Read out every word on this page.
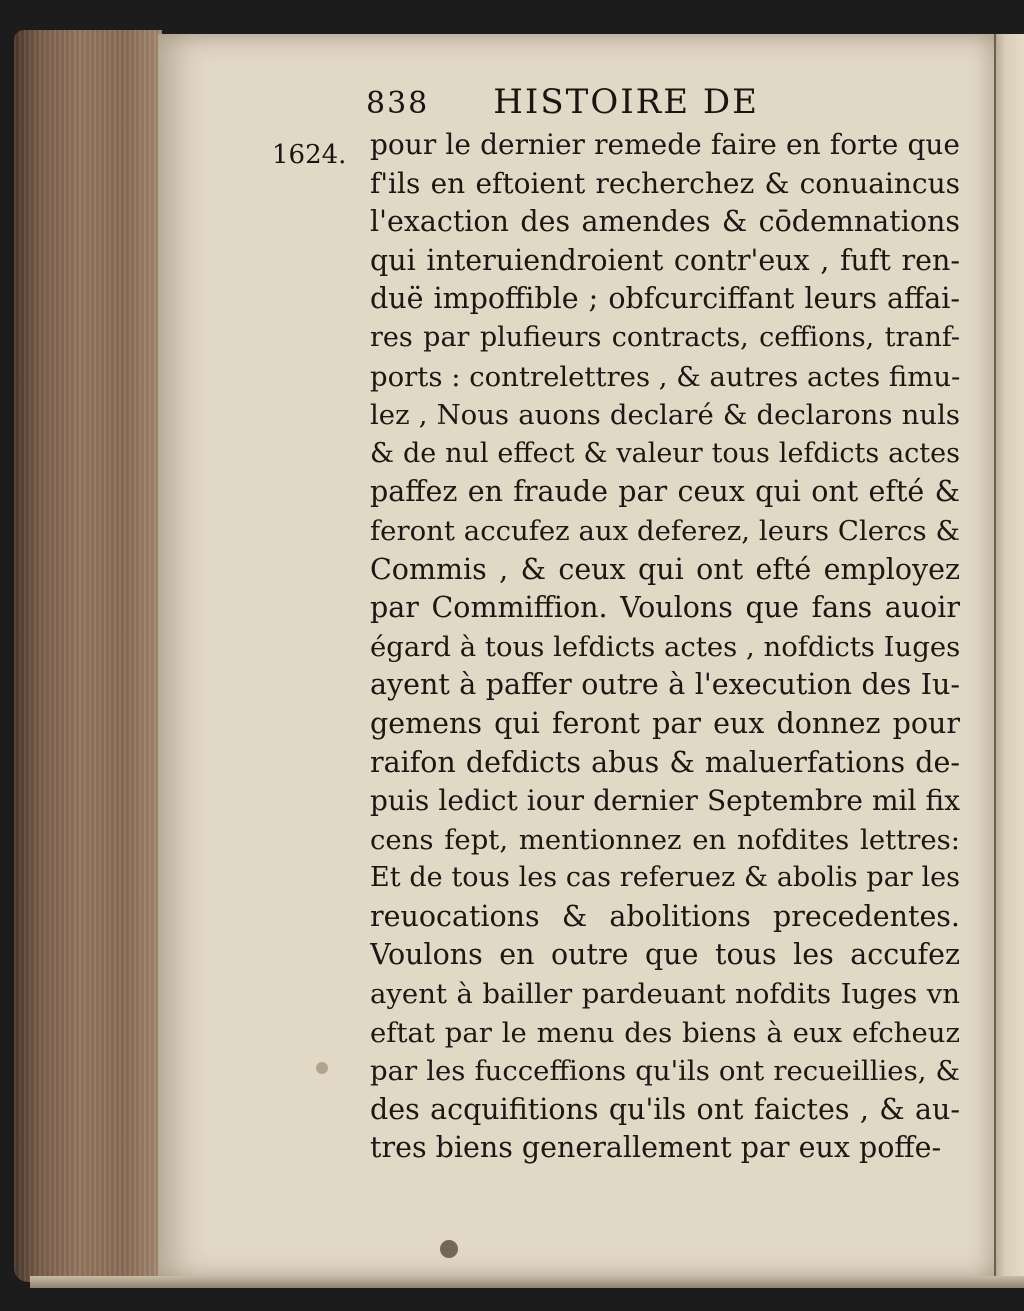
838 HISTOIRE DE
1624. pour le dernier remede faire en forte que
f'ils en eftoient recherchez & conuaincus
l'exaction des amendes & cōdemnations
qui interuiendroient contr'eux , fuft ren-
duë impoffible ; obfcurciffant leurs affai-
res par plufieurs contracts, ceffions, tranf-
ports : contrelettres , & autres actes fimu-
lez , Nous auons declaré & declarons nuls
& de nul effect & valeur tous lefdicts actes
paffez en fraude par ceux qui ont efté &
feront accufez aux deferez, leurs Clercs &
Commis , & ceux qui ont efté employez
par Commiffion. Voulons que fans auoir
égard à tous lefdicts actes , nofdicts Iuges
ayent à paffer outre à l'execution des Iu-
gemens qui feront par eux donnez pour
raifon defdicts abus & maluerfations de-
puis ledict iour dernier Septembre mil fix
cens fept, mentionnez en nofdites lettres:
Et de tous les cas referuez & abolis par les
reuocations & abolitions precedentes.
Voulons en outre que tous les accufez
ayent à bailler pardeuant nofdits Iuges vn
eftat par le menu des biens à eux efcheuz
par les fucceffions qu'ils ont recueillies, &
des acquifitions qu'ils ont faictes , & au-
tres biens generallement par eux poffe-
